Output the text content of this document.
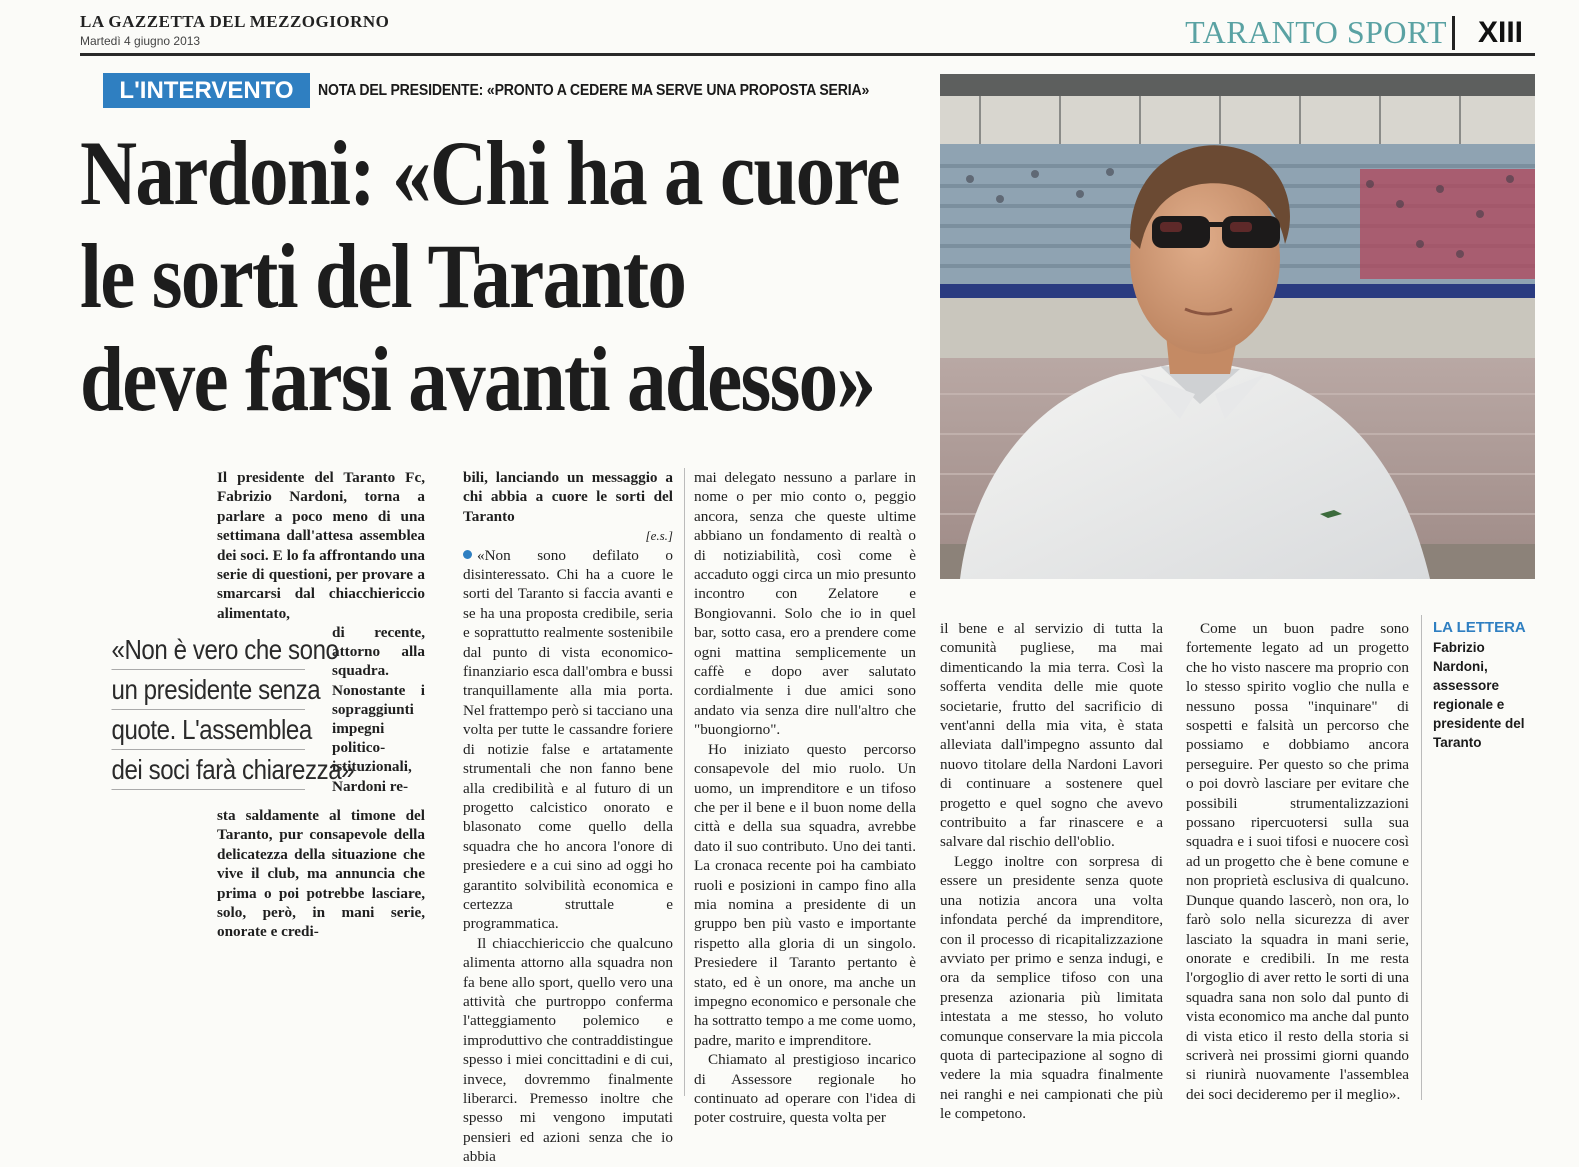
LA GAZZETTA DEL MEZZOGIORNO
Martedì 4 giugno 2013	TARANTO SPORT XIII
L'INTERVENTO	NOTA DEL PRESIDENTE: «PRONTO A CEDERE MA SERVE UNA PROPOSTA SERIA»
Nardoni: «Chi ha a cuore
le sorti del Taranto
deve farsi avanti adesso»
Il presidente del Taranto Fc, Fabrizio Nardoni, torna a parlare a poco meno di una settimana dall'attesa assemblea dei soci. E lo fa affrontando una serie di questioni, per provare a smarcarsi dal chiacchiericcio alimentato,
di recente, attorno alla squadra. Nonostante i sopraggiunti impegni politico-istituzionali, Nardoni re-
sta saldamente al timone del Taranto, pur consapevole della delicatezza della situazione che vive il club, ma annuncia che prima o poi potrebbe lasciare, solo, però, in mani serie, onorate e credi-
«Non è vero che sono
un presidente senza
quote. L'assemblea
dei soci farà chiarezza»

bili, lanciando un messaggio a chi abbia a cuore le sorti del Taranto

[e.s.]

«Non sono defilato o disinteressato. Chi ha a cuore le sorti del Taranto si faccia avanti e se ha una proposta credibile, seria e soprattutto realmente sostenibile dal punto di vista economico-finanziario esca dall'ombra e bussi tranquillamente alla mia porta. Nel frattempo però si tacciano una volta per tutte le cassandre foriere di notizie false e artatamente strumentali che non fanno bene alla credibilità e al futuro di un progetto calcistico onorato e blasonato come quello della squadra che ho ancora l'onore di presiedere e a cui sino ad oggi ho garantito solvibilità economica e certezza struttale e programmatica.

Il chiacchiericcio che qualcuno alimenta attorno alla squadra non fa bene allo sport, quello vero una attività che purtroppo conferma l'atteggiamento polemico e improduttivo che contraddistingue spesso i miei concittadini e di cui, invece, dovremmo finalmente liberarci. Premesso inoltre che spesso mi vengono imputati pensieri ed azioni senza che io abbia

mai delegato nessuno a parlare in nome o per mio conto o, peggio ancora, senza che queste ultime abbiano un fondamento di realtà o di notiziabilità, così come è accaduto oggi circa un mio presunto incontro con Zelatore e Bongiovanni. Solo che io in quel bar, sotto casa, ero a prendere come ogni mattina semplicemente un caffè e dopo aver salutato cordialmente i due amici sono andato via senza dire null'altro che "buongiorno".

Ho iniziato questo percorso consapevole del mio ruolo. Un uomo, un imprenditore e un tifoso che per il bene e il buon nome della città e della sua squadra, avrebbe dato il suo contributo. Uno dei tanti. La cronaca recente poi ha cambiato ruoli e posizioni in campo fino alla mia nomina a presidente di un gruppo ben più vasto e importante rispetto alla gloria di un singolo. Presiedere il Taranto pertanto è stato, ed è un onore, ma anche un impegno economico e personale che ha sottratto tempo a me come uomo, padre, marito e imprenditore.

Chiamato al prestigioso incarico di Assessore regionale ho continuato ad operare con l'idea di poter costruire, questa volta per

il bene e al servizio di tutta la comunità pugliese, ma mai dimenticando la mia terra. Così la sofferta vendita delle mie quote societarie, frutto del sacrificio di vent'anni della mia vita, è stata alleviata dall'impegno assunto dal nuovo titolare della Nardoni Lavori di continuare a sostenere quel progetto e quel sogno che avevo contribuito a far rinascere e a salvare dal rischio dell'oblio.

Leggo inoltre con sorpresa di essere un presidente senza quote una notizia ancora una volta infondata perché da imprenditore, con il processo di ricapitalizzazione avviato per primo e senza indugi, e ora da semplice tifoso con una presenza azionaria più limitata intestata a me stesso, ho voluto comunque conservare la mia piccola quota di partecipazione al sogno di vedere la mia squadra finalmente nei ranghi e nei campionati che più le competono.

Come un buon padre sono fortemente legato ad un progetto che ho visto nascere ma proprio con lo stesso spirito voglio che nulla e nessuno possa "inquinare" di sospetti e falsità un percorso che possiamo e dobbiamo ancora perseguire. Per questo so che prima o poi dovrò lasciare per evitare che possibili strumentalizzazioni possano ripercuotersi sulla sua squadra e i suoi tifosi e nuocere così ad un progetto che è bene comune e non proprietà esclusiva di qualcuno. Dunque quando lascerò, non ora, lo farò solo nella sicurezza di aver lasciato la squadra in mani serie, onorate e credibili. In me resta l'orgoglio di aver retto le sorti di una squadra sana non solo dal punto di vista economico ma anche dal punto di vista etico il resto della storia si scriverà nei prossimi giorni quando si riunirà nuovamente l'assemblea dei soci decideremo per il meglio».

LA LETTERA
Fabrizio Nardoni, assessore regionale e presidente del Taranto
